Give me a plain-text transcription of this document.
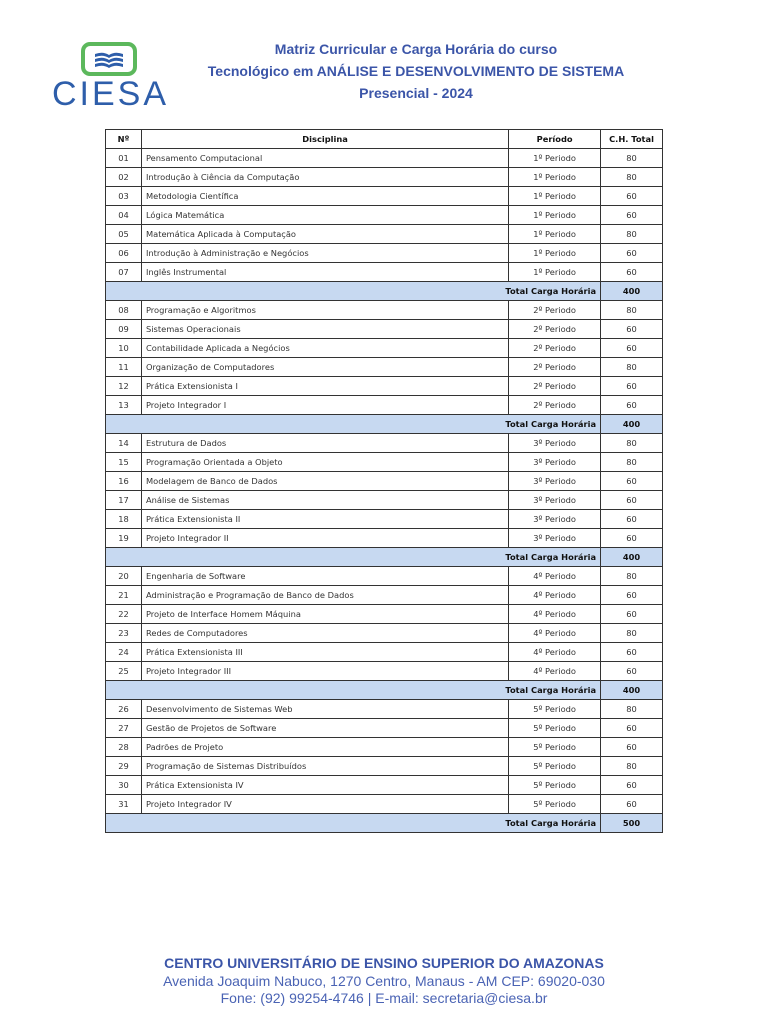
CIESA
Matriz Curricular e Carga Horária do curso
Tecnológico em ANÁLISE E DESENVOLVIMENTO DE SISTEMA
Presencial - 2024
Nº	Disciplina	Período	C.H. Total
01	Pensamento Computacional	1º Periodo	80
02	Introdução à Ciência da Computação	1º Periodo	80
03	Metodologia Científica	1º Periodo	60
04	Lógica Matemática	1º Periodo	60
05	Matemática Aplicada à Computação	1º Periodo	80
06	Introdução à Administração e Negócios	1º Periodo	60
07	Inglês Instrumental	1º Periodo	60
Total Carga Horária			400
08	Programação e Algoritmos	2º Periodo	80
09	Sistemas Operacionais	2º Periodo	60
10	Contabilidade Aplicada a Negócios	2º Periodo	60
11	Organização de Computadores	2º Periodo	80
12	Prática Extensionista I	2º Periodo	60
13	Projeto Integrador I	2º Periodo	60
Total Carga Horária			400
14	Estrutura de Dados	3º Periodo	80
15	Programação Orientada a Objeto	3º Periodo	80
16	Modelagem de Banco de Dados	3º Periodo	60
17	Análise de Sistemas	3º Periodo	60
18	Prática Extensionista II	3º Periodo	60
19	Projeto Integrador II	3º Periodo	60
Total Carga Horária			400
20	Engenharia de Software	4º Periodo	80
21	Administração e Programação de Banco de Dados	4º Periodo	60
22	Projeto de Interface Homem Máquina	4º Periodo	60
23	Redes de Computadores	4º Periodo	80
24	Prática Extensionista III	4º Periodo	60
25	Projeto Integrador III	4º Periodo	60
Total Carga Horária			400
26	Desenvolvimento de Sistemas Web	5º Periodo	80
27	Gestão de Projetos de Software	5º Periodo	60
28	Padrões de Projeto	5º Periodo	60
29	Programação de Sistemas Distribuídos	5º Periodo	80
30	Prática Extensionista IV	5º Periodo	60
31	Projeto Integrador IV	5º Periodo	60
Total Carga Horária			500
CENTRO UNIVERSITÁRIO DE ENSINO SUPERIOR DO AMAZONAS
Avenida Joaquim Nabuco, 1270 Centro, Manaus - AM CEP: 69020-030
Fone: (92) 99254-4746 | E-mail: secretaria@ciesa.br
